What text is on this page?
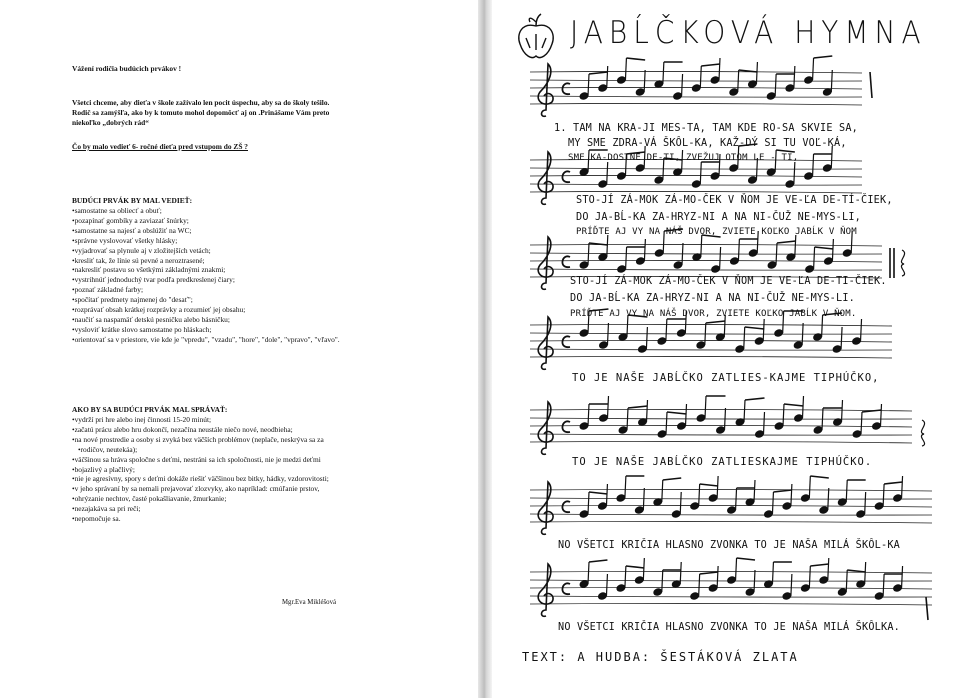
Vážení rodičia budúcich prvákov !
Všetci chceme, aby dieťa v škole zažívalo len pocit úspechu, aby sa do školy tešilo.
Rodič sa zamýšľa, ako by k tomuto mohol dopomôcť aj on .Prinášame Vám preto
niekoľko „dobrých rád“
Čo by malo vedieť 6- ročné dieťa pred vstupom do ZŠ ?
BUDÚCI PRVÁK BY MAL VEDIEŤ:
• samostatne sa obliecť a obuť;
• pozapínať gombíky a zaviazať šnúrky;
• samostatne sa najesť a obslúžiť na WC;
• správne vyslovovať všetky hlásky;
• vyjadrovať sa plynule aj v zložitejších vetách;
• kresliť tak, že línie sú pevné a neroztrasené;
• nakresliť postavu so všetkými základnými znakmi;
• vystrihnúť jednoduchý tvar podľa predkreslenej čiary;
• poznať základné farby;
• spočítať predmety najmenej do "desať";
• rozprávať obsah krátkej rozprávky a rozumieť jej obsahu;
• naučiť sa naspamäť detskú pesničku alebo básničku;
• vysloviť krátke slovo samostatne po hláskach;
• orientovať sa v priestore, vie kde je "vpredu", "vzadu", "hore", "dole", "vpravo", "vľavo".
AKO BY SA BUDÚCI PRVÁK MAL SPRÁVAŤ:
• vydrží pri hre alebo inej činnosti 15-20 minút;
• začatú prácu alebo hru dokončí, nezačína neustále niečo nové, neodbieha;
• na nové prostredie a osoby si zvyká bez väčších problémov (neplače, neskrýva sa za
• rodičov, neutekáa);
• väčšinou sa hráva spoločne s deťmi, nestráni sa ich spoločnosti, nie je medzi deťmi
• bojazlivý a plačlivý;
• nie je agresívny, spory s deťmi dokáže riešiť väčšinou bez bitky, hádky, vzdorovitosti;
• v jeho správaní by sa nemali prejavovať zlozvyky, ako napríklad: cmúľanie prstov,
• ohrýzanie nechtov, časté pokašliavanie, žmurkanie;
• nezajakáva sa pri reči;
• nepomočuje sa.
Mgr.Eva Mikléšová
JABĹČKOVÁ HYMNA
1. TAM NA KRA-JI MES-TA, TAM KDE RO-SA SKVIE SA,
MY SME ZDRA-VÁ ŠKÔL-KA, KAŽ-DÝ SI TU VOĽ-KÁ,
SME KA-DOSTNE DE-TI, ZVEŽUJ OTOM LE - TI,
STO-JÍ ZÁ-MOK ZÁ-MO-ČEK V ŇOM JE VE-ĽA DE-TÍ-ČIEK,
DO JA-BĹ-KA ZA-HRYZ-NI A NA NI-ČUŽ NE-MYS-LI,
PRÍĎTE AJ VY NA NÁŠ DVOR, ZVIETE KOĽKO JABĹK V ŇOM
STO-JÍ ZÁ-MOK ZÁ-MO-ČEK V ŇOM JE VE-ĽA DE-TI-ČIEK.
DO JA-BĹ-KA ZA-HRYZ-NI A NA NI-ČUŽ NE-MYS-LI.
PRÍĎTE AJ VY NA NÁŠ DVOR, ZVIETE KOĽKO JABĹK V ŇOM.
TO JE NAŠE JABĹČKO ZATLIES-KAJME TIPHÚČKO,
TO JE NAŠE JABĹČKO ZATLIESKAJME TIPHÚČKO.
NO VŠETCI KRIČIA HLASNO ZVONKA TO JE NAŠA MILÁ ŠKÔL-KA
NO VŠETCI KRIČIA HLASNO ZVONKA TO JE NAŠA MILÁ ŠKÔLKA.
TEXT: A HUDBA: ŠESTÁKOVÁ ZLATA
